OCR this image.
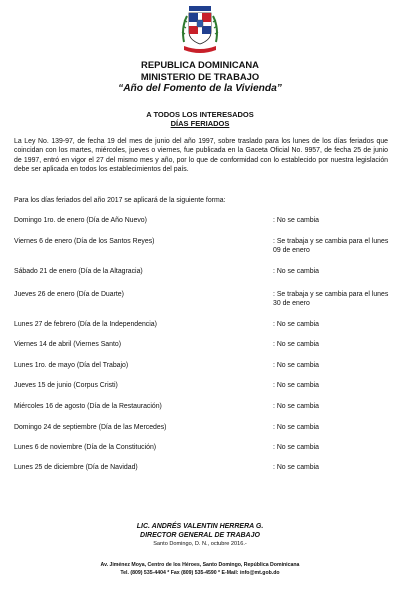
REPUBLICA DOMINICANA
MINISTERIO DE TRABAJO
“Año del Fomento de la Vivienda”
A TODOS LOS INTERESADOS
DÍAS FERIADOS
La Ley No. 139-97, de fecha 19 del mes de junio del año 1997, sobre traslado para los lunes de los días feriados que coincidan con los martes, miércoles, jueves o viernes, fue publicada en la Gaceta Oficial No. 9957, de fecha 25 de junio de 1997, entró en vigor el 27 del mismo mes y año, por lo que de conformidad con lo establecido por nuestra legislación debe ser aplicada en todos los establecimientos del país.
Para los días feriados del año 2017 se aplicará de la siguiente forma:
Domingo 1ro. de enero (Día de Año Nuevo)	: No se cambia
Viernes 6 de enero (Día de los Santos Reyes)	: Se trabaja y se cambia para el lunes 09 de enero
Sábado 21 de enero (Día de la Altagracia)	: No se cambia
Jueves 26 de enero (Día de Duarte)	: Se trabaja y se cambia para el lunes 30 de enero
Lunes 27 de febrero (Día de la Independencia)	: No se cambia
Viernes 14 de abril (Viernes Santo)	: No se cambia
Lunes 1ro. de mayo (Día del Trabajo)	: No se cambia
Jueves 15 de junio (Corpus Cristi)	: No se cambia
Miércoles 16 de agosto (Día de la Restauración)	: No se cambia
Domingo 24 de septiembre (Día de las Mercedes)	: No se cambia
Lunes 6 de noviembre (Día de la Constitución)	: No se cambia
Lunes 25 de diciembre (Día de Navidad)	: No se cambia
LIC. ANDRÉS VALENTIN HERRERA G.
DIRECTOR GENERAL DE TRABAJO
Santo Domingo, D. N., octubre 2016.-
Av. Jiménez Moya, Centro de los Héroes, Santo Domingo, República Dominicana
Tel. (809) 535-4404 * Fax (809) 535-4590 * E-Mail: info@mt.gob.do
